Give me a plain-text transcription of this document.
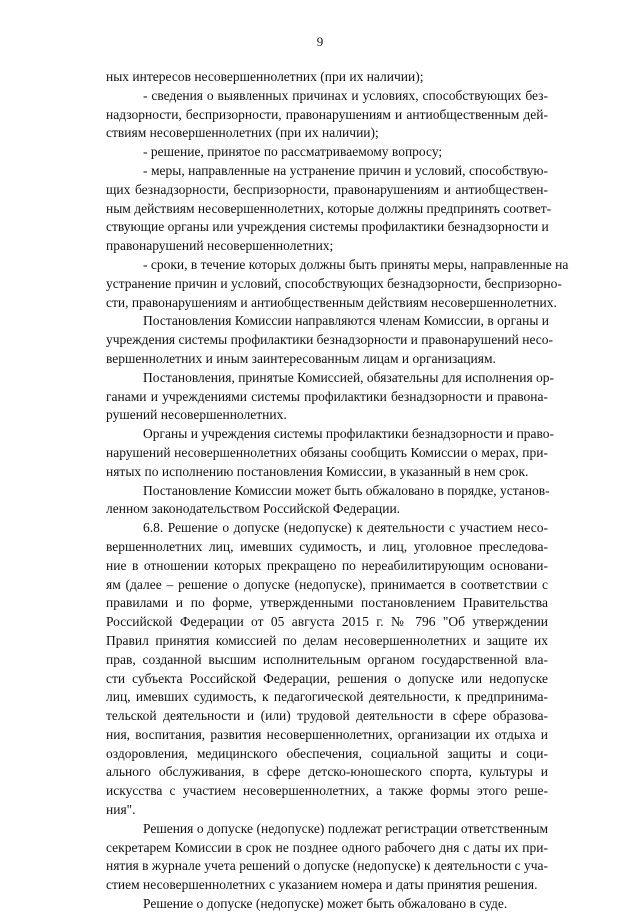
9
ных интересов несовершеннолетних (при их наличии);
- сведения о выявленных причинах и условиях, способствующих без-
надзорности, беспризорности, правонарушениям и антиобщественным дей-
ствиям несовершеннолетних (при их наличии);
- решение, принятое по рассматриваемому вопросу;
- меры, направленные на устранение причин и условий, способствую-
щих безнадзорности, беспризорности, правонарушениям и антиобществен-
ным действиям несовершеннолетних, которые должны предпринять соответ-
ствующие органы или учреждения системы профилактики безнадзорности и
правонарушений несовершеннолетних;
- сроки, в течение которых должны быть приняты меры, направленные на
устранение причин и условий, способствующих безнадзорности, беспризорно-
сти, правонарушениям и антиобщественным действиям несовершеннолетних.
Постановления Комиссии направляются членам Комиссии, в органы и
учреждения системы профилактики безнадзорности и правонарушений несо-
вершеннолетних и иным заинтересованным лицам и организациям.
Постановления, принятые Комиссией, обязательны для исполнения ор-
ганами и учреждениями системы профилактики безнадзорности и правона-
рушений несовершеннолетних.
Органы и учреждения системы профилактики безнадзорности и право-
нарушений несовершеннолетних обязаны сообщить Комиссии о мерах, при-
нятых по исполнению постановления Комиссии, в указанный в нем срок.
Постановление Комиссии может быть обжаловано в порядке, установ-
ленном законодательством Российской Федерации.
6.8. Решение о допуске (недопуске) к деятельности с участием несо-
вершеннолетних лиц, имевших судимость, и лиц, уголовное преследова-
ние в отношении которых прекращено по нереабилитирующим основани-
ям (далее – решение о допуске (недопуске), принимается в соответствии с
правилами и по форме, утвержденными постановлением Правительства
Российской Федерации от 05 августа 2015 г. № 796 "Об утверждении
Правил принятия комиссией по делам несовершеннолетних и защите их
прав, созданной высшим исполнительным органом государственной вла-
сти субъекта Российской Федерации, решения о допуске или недопуске
лиц, имевших судимость, к педагогической деятельности, к предпринима-
тельской деятельности и (или) трудовой деятельности в сфере образова-
ния, воспитания, развития несовершеннолетних, организации их отдыха и
оздоровления, медицинского обеспечения, социальной защиты и соци-
ального обслуживания, в сфере детско-юношеского спорта, культуры и
искусства с участием несовершеннолетних, а также формы этого реше-
ния".
Решения о допуске (недопуске) подлежат регистрации ответственным
секретарем Комиссии в срок не позднее одного рабочего дня с даты их при-
нятия в журнале учета решений о допуске (недопуске) к деятельности с уча-
стием несовершеннолетних с указанием номера и даты принятия решения.
Решение о допуске (недопуске) может быть обжаловано в суде.
